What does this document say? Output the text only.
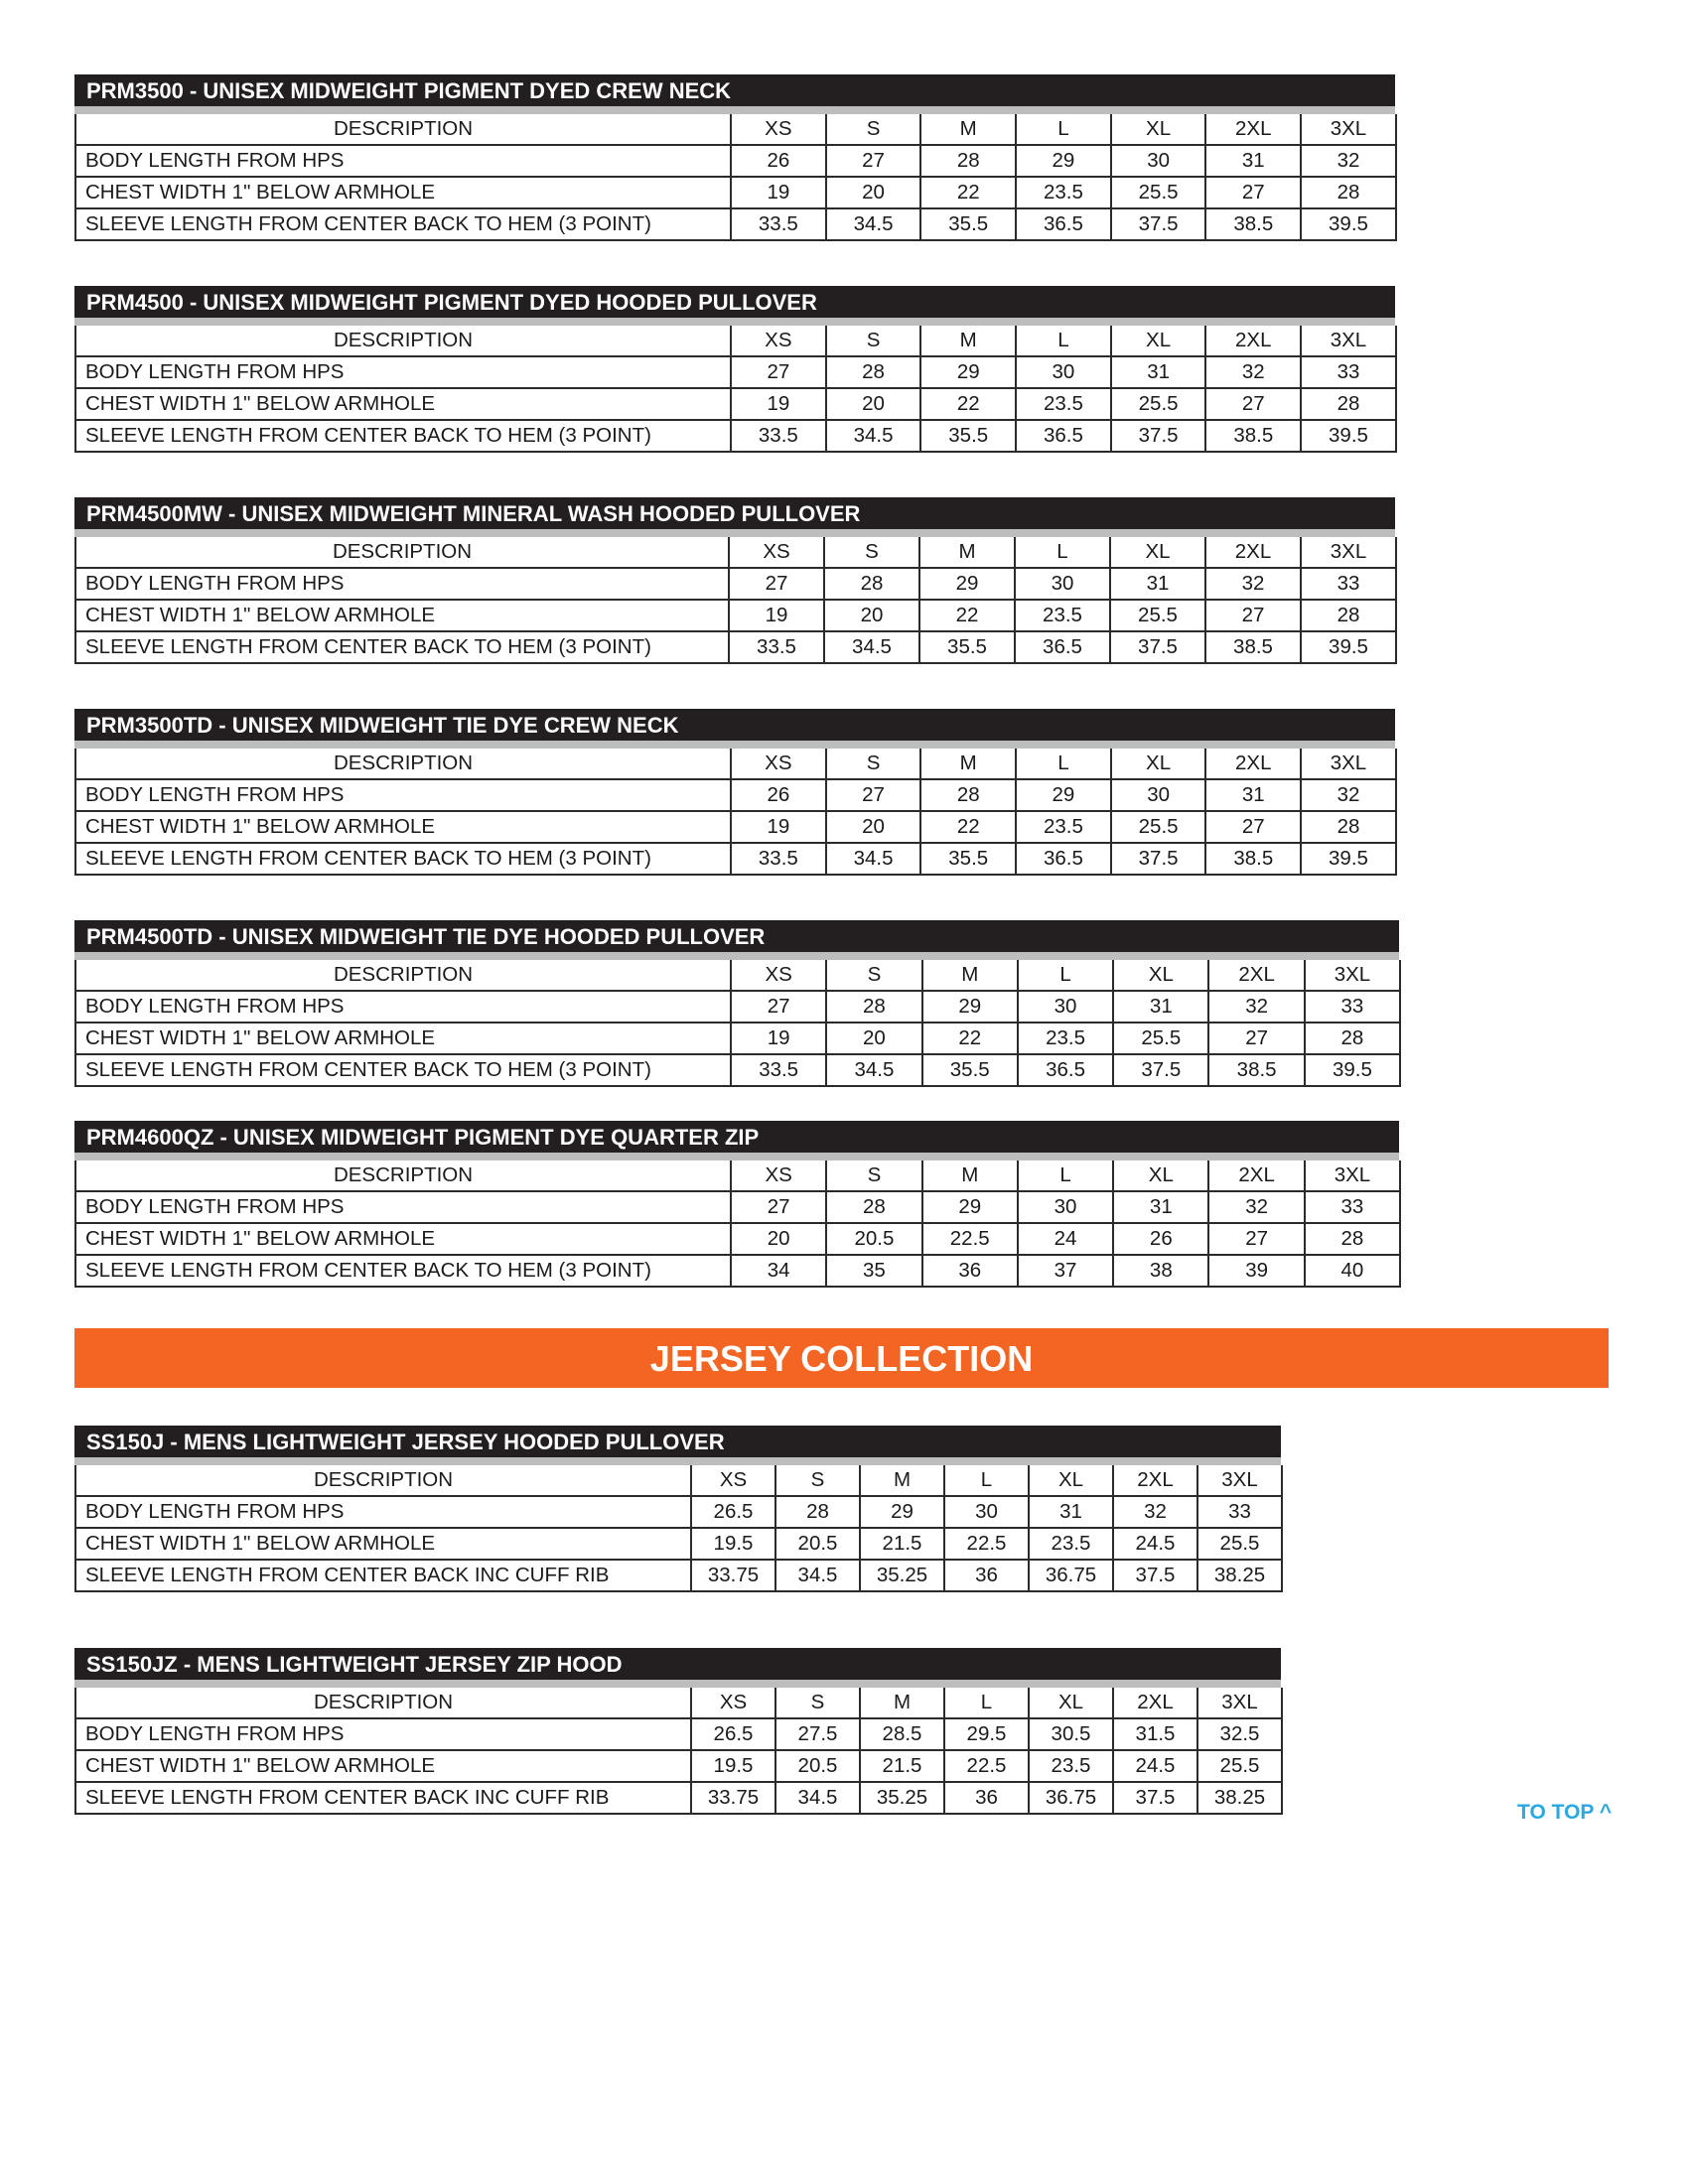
PRM3500 - UNISEX MIDWEIGHT PIGMENT DYED CREW NECK
DESCRIPTION	XS	S	M	L	XL	2XL	3XL
BODY LENGTH FROM HPS	26	27	28	29	30	31	32
CHEST WIDTH 1" BELOW ARMHOLE	19	20	22	23.5	25.5	27	28
SLEEVE LENGTH FROM CENTER BACK TO HEM (3 POINT)	33.5	34.5	35.5	36.5	37.5	38.5	39.5
PRM4500 - UNISEX MIDWEIGHT PIGMENT DYED HOODED PULLOVER
DESCRIPTION	XS	S	M	L	XL	2XL	3XL
BODY LENGTH FROM HPS	27	28	29	30	31	32	33
CHEST WIDTH 1" BELOW ARMHOLE	19	20	22	23.5	25.5	27	28
SLEEVE LENGTH FROM CENTER BACK TO HEM (3 POINT)	33.5	34.5	35.5	36.5	37.5	38.5	39.5
PRM4500MW - UNISEX MIDWEIGHT MINERAL WASH HOODED PULLOVER
DESCRIPTION	XS	S	M	L	XL	2XL	3XL
BODY LENGTH FROM HPS	27	28	29	30	31	32	33
CHEST WIDTH 1" BELOW ARMHOLE	19	20	22	23.5	25.5	27	28
SLEEVE LENGTH FROM CENTER BACK TO HEM (3 POINT)	33.5	34.5	35.5	36.5	37.5	38.5	39.5
PRM3500TD - UNISEX MIDWEIGHT TIE DYE CREW NECK
DESCRIPTION	XS	S	M	L	XL	2XL	3XL
BODY LENGTH FROM HPS	26	27	28	29	30	31	32
CHEST WIDTH 1" BELOW ARMHOLE	19	20	22	23.5	25.5	27	28
SLEEVE LENGTH FROM CENTER BACK TO HEM (3 POINT)	33.5	34.5	35.5	36.5	37.5	38.5	39.5
PRM4500TD - UNISEX MIDWEIGHT TIE DYE HOODED PULLOVER
DESCRIPTION	XS	S	M	L	XL	2XL	3XL
BODY LENGTH FROM HPS	27	28	29	30	31	32	33
CHEST WIDTH 1" BELOW ARMHOLE	19	20	22	23.5	25.5	27	28
SLEEVE LENGTH FROM CENTER BACK TO HEM (3 POINT)	33.5	34.5	35.5	36.5	37.5	38.5	39.5
PRM4600QZ - UNISEX MIDWEIGHT PIGMENT DYE QUARTER ZIP
DESCRIPTION	XS	S	M	L	XL	2XL	3XL
BODY LENGTH FROM HPS	27	28	29	30	31	32	33
CHEST WIDTH 1" BELOW ARMHOLE	20	20.5	22.5	24	26	27	28
SLEEVE LENGTH FROM CENTER BACK TO HEM (3 POINT)	34	35	36	37	38	39	40
JERSEY COLLECTION
SS150J - MENS LIGHTWEIGHT JERSEY HOODED PULLOVER
DESCRIPTION	XS	S	M	L	XL	2XL	3XL
BODY LENGTH FROM HPS	26.5	28	29	30	31	32	33
CHEST WIDTH 1" BELOW ARMHOLE	19.5	20.5	21.5	22.5	23.5	24.5	25.5
SLEEVE LENGTH FROM CENTER BACK INC CUFF RIB	33.75	34.5	35.25	36	36.75	37.5	38.25
SS150JZ - MENS LIGHTWEIGHT JERSEY ZIP HOOD
DESCRIPTION	XS	S	M	L	XL	2XL	3XL
BODY LENGTH FROM HPS	26.5	27.5	28.5	29.5	30.5	31.5	32.5
CHEST WIDTH 1" BELOW ARMHOLE	19.5	20.5	21.5	22.5	23.5	24.5	25.5
SLEEVE LENGTH FROM CENTER BACK INC CUFF RIB	33.75	34.5	35.25	36	36.75	37.5	38.25
TO TOP ^
